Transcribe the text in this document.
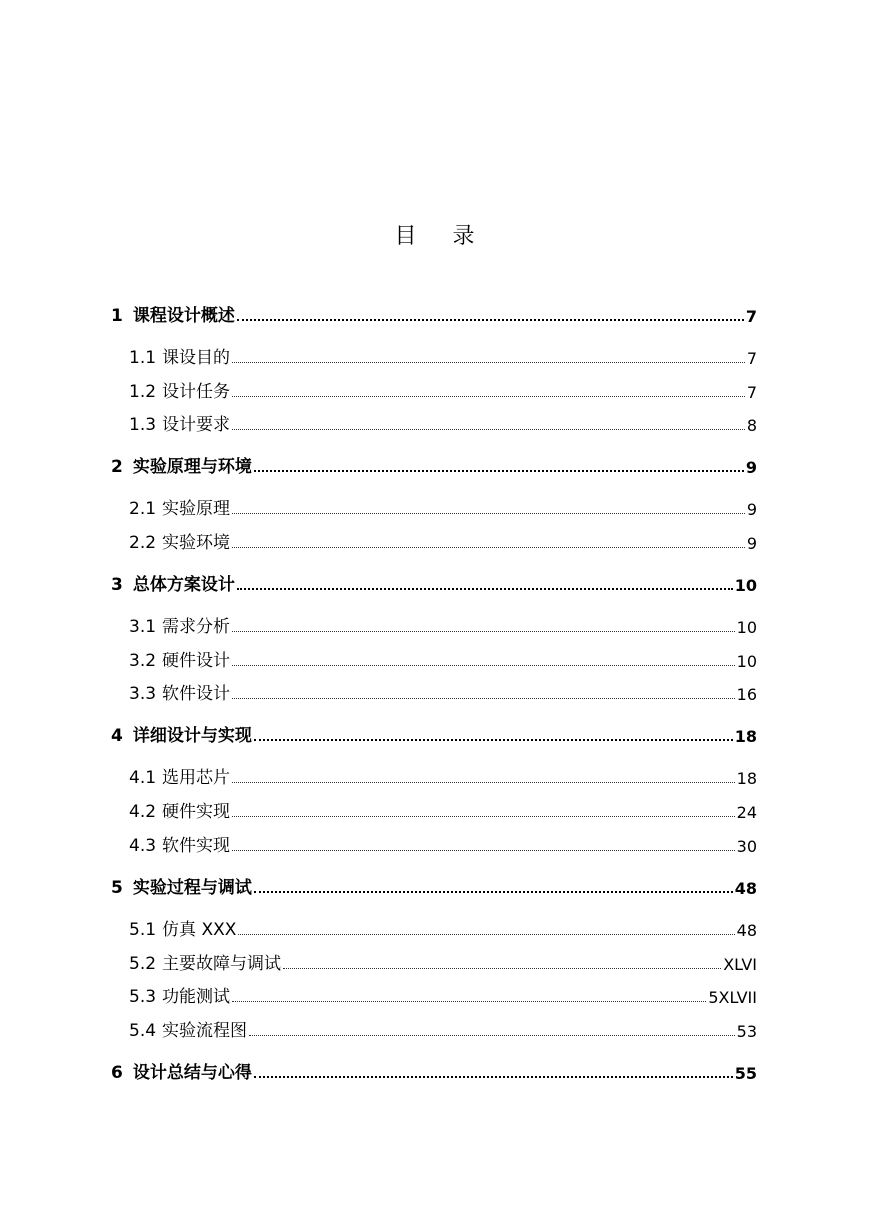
目 录
1 课程设计概述	7
1.1 课设目的	7
1.2 设计任务	7
1.3 设计要求	8
2 实验原理与环境	9
2.1 实验原理	9
2.2 实验环境	9
3 总体方案设计	10
3.1 需求分析	10
3.2 硬件设计	10
3.3 软件设计	16
4 详细设计与实现	18
4.1 选用芯片	18
4.2 硬件实现	24
4.3 软件实现	30
5 实验过程与调试	48
5.1 仿真 XXX	48
5.2 主要故障与调试	XLVI
5.3 功能测试	5XLVII
5.4 实验流程图	53
6 设计总结与心得	55
